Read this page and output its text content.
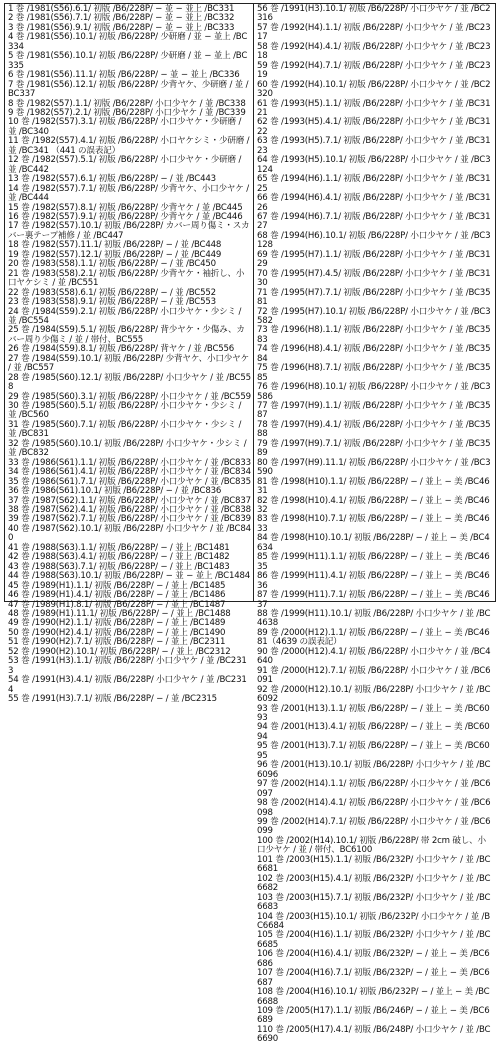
1 巻 /1981(S56).6.1/ 初版 /B6/228P/ − 並 − 並上 /BC331
2 巻 /1981(S56).7.1/ 初版 /B6/228P/ − 並 − 並上 /BC332
3 巻 /1981(S56).9.1/ 初版 /B6/228P/ − 並 − 並上 /BC333
4 巻 /1981(S56).10.1/ 初版 /B6/228P/ 少研磨 / 並 − 並上 /BC334
5 巻 /1981(S56).10.1/ 初版 /B6/228P/ 少研磨 / 並 − 並上 /BC335
6 巻 /1981(S56).11.1/ 初版 /B6/228P/ − 並 − 並上 /BC336
7 巻 /1981(S56).12.1/ 初版 /B6/228P/ 少背ヤケ、少研磨 / 並 /BC337
8 巻 /1982(S57).1.1/ 初版 /B6/228P/ 小口少ヤケ / 並 /BC338
9 巻 /1982(S57).2.1/ 初版 /B6/228P/ 小口少ヤケ / 並 /BC339
10 巻 /1982(S57).3.1/ 初版 /B6/228P/ 小口少ヤケ・少研磨 / 並 /BC340
11 巻 /1982(S57).4.1/ 初版 /B6/228P/ 小口ヤケシミ・少研磨 / 並 /BC341 （441 の誤表記）
12 巻 /1982(S57).5.1/ 初版 /B6/228P/ 小口少ヤケ・少研磨 / 並 /BC442
13 巻 /1982(S57).6.1/ 初版 /B6/228P/ − / 並 /BC443
14 巻 /1982(S57).7.1/ 初版 /B6/228P/ 少背ヤケ、小口少ヤケ / 並 /BC444
15 巻 /1982(S57).8.1/ 初版 /B6/228P/ 少背ヤケ / 並 /BC445
16 巻 /1982(S57).9.1/ 初版 /B6/228P/ 少背ヤケ / 並 /BC446
17 巻 /1982(S57).10.1/ 初版 /B6/228P/ カバー周り傷ミ・スカバー裏テープ補修 / 並 /BC447
18 巻 /1982(S57).11.1/ 初版 /B6/228P/ − / 並 /BC448
19 巻 /1982(S57).12.1/ 初版 /B6/228P/ − / 並 /BC449
20 巻 /1983(S58).1.1/ 初版 /B6/228P/ − / 並 /BC450
21 巻 /1983(S58).2.1/ 初版 /B6/228P/ 少背ヤケ・袖折し、小口ヤケシミ / 並 /BC551
22 巻 /1983(S58).6.1/ 初版 /B6/228P/ − / 並 /BC552
23 巻 /1983(S58).9.1/ 初版 /B6/228P/ − / 並 /BC553
24 巻 /1984(S59).2.1/ 初版 /B6/228P/ 小口少ヤケ・少シミ / 並 /BC554
25 巻 /1984(S59).5.1/ 初版 /B6/228P/ 背少ヤケ・少傷み、カバー周り少傷ミ / 並 / 帯付、BC555
26 巻 /1984(S59).8.1/ 初版 /B6/228P/ 背ヤケ / 並 /BC556
27 巻 /1984(S59).10.1/ 初版 /B6/228P/ 少背ヤケ、小口少ヤケ / 並 /BC557
28 巻 /1985(S60).12.1/ 初版 /B6/228P/ 小口少ヤケ / 並 /BC558
29 巻 /1985(S60).3.1/ 初版 /B6/228P/ 小口少ヤケ / 並 /BC559
30 巻 /1985(S60).5.1/ 初版 /B6/228P/ 小口少ヤケ・少シミ / 並 /BC560
31 巻 /1985(S60).7.1/ 初版 /B6/228P/ 小口少ヤケ・少シミ / 並 /BC831
32 巻 /1985(S60).10.1/ 初版 /B6/228P/ 小口少ヤケ・少シミ / 並 /BC832
33 巻 /1986(S61).1.1/ 初版 /B6/228P/ 小口少ヤケ / 並 /BC833
34 巻 /1986(S61).4.1/ 初版 /B6/228P/ 小口少ヤケ / 並 /BC834
35 巻 /1986(S61).7.1/ 初版 /B6/228P/ 小口少ヤケ / 並 /BC835
36 巻 /1986(S61).10.1/ 初版 /B6/228P/ − / 並 /BC836
37 巻 /1987(S62).1.1/ 初版 /B6/228P/ 小口少ヤケ / 並 /BC837
38 巻 /1987(S62).4.1/ 初版 /B6/228P/ 小口少ヤケ / 並 /BC838
39 巻 /1987(S62).7.1/ 初版 /B6/228P/ 小口少ヤケ / 並 /BC839
40 巻 /1987(S62).10.1/ 初版 /B6/228P/ 小口少ヤケ / 並 /BC840
41 巻 /1988(S63).1.1/ 初版 /B6/228P/ − / 並上 /BC1481
42 巻 /1988(S63).4.1/ 初版 /B6/228P/ − / 並上 /BC1482
43 巻 /1988(S63).7.1/ 初版 /B6/228P/ − / 並上 /BC1483
44 巻 /1988(S63).10.1/ 初版 /B6/228P/ − 並 − 並上 /BC1484
45 巻 /1989(H1).1.1/ 初版 /B6/228P/ − / 並上 /BC1485
46 巻 /1989(H1).4.1/ 初版 /B6/228P/ − / 並上 /BC1486
47 巻 /1989(H1).8.1/ 初版 /B6/228P/ − / 並上 /BC1487
48 巻 /1989(H1).11.1/ 初版 /B6/228P/ − / 並上 /BC1488
49 巻 /1990(H2).1.1/ 初版 /B6/228P/ − / 並上 /BC1489
50 巻 /1990(H2).4.1/ 初版 /B6/228P/ − / 並上 /BC1490
51 巻 /1990(H2).7.1/ 初版 /B6/228P/ − / 並上 /BC2311
52 巻 /1990(H2).10.1/ 初版 /B6/228P/ − / 並上 /BC2312
53 巻 /1991(H3).1.1/ 初版 /B6/228P/ 小口少ヤケ / 並 /BC2313
54 巻 /1991(H3).4.1/ 初版 /B6/228P/ 小口少ヤケ / 並 /BC2314
55 巻 /1991(H3).7.1/ 初版 /B6/228P/ − / 並 /BC2315
56 巻 /1991(H3).10.1/ 初版 /B6/228P/ 小口少ヤケ / 並 /BC2316
57 巻 /1992(H4).1.1/ 初版 /B6/228P/ 小口少ヤケ / 並 /BC2317
58 巻 /1992(H4).4.1/ 初版 /B6/228P/ 小口少ヤケ / 並 /BC2318
59 巻 /1992(H4).7.1/ 初版 /B6/228P/ 小口少ヤケ / 並 /BC2319
60 巻 /1992(H4).10.1/ 初版 /B6/228P/ 小口少ヤケ / 並 /BC2320
61 巻 /1993(H5).1.1/ 初版 /B6/228P/ 小口少ヤケ / 並 /BC3121
62 巻 /1993(H5).4.1/ 初版 /B6/228P/ 小口少ヤケ / 並 /BC3122
63 巻 /1993(H5).7.1/ 初版 /B6/228P/ 小口少ヤケ / 並 /BC3123
64 巻 /1993(H5).10.1/ 初版 /B6/228P/ 小口少ヤケ / 並 /BC3124
65 巻 /1994(H6).1.1/ 初版 /B6/228P/ 小口少ヤケ / 並 /BC3125
66 巻 /1994(H6).4.1/ 初版 /B6/228P/ 小口少ヤケ / 並 /BC3126
67 巻 /1994(H6).7.1/ 初版 /B6/228P/ 小口少ヤケ / 並 /BC3127
68 巻 /1994(H6).10.1/ 初版 /B6/228P/ 小口少ヤケ / 並 /BC3128
69 巻 /1995(H7).1.1/ 初版 /B6/228P/ 小口少ヤケ / 並 /BC3129
70 巻 /1995(H7).4.5/ 初版 /B6/228P/ 小口少ヤケ / 並 /BC3130
71 巻 /1995(H7).7.1/ 初版 /B6/228P/ 小口少ヤケ / 並 /BC3581
72 巻 /1995(H7).10.1/ 初版 /B6/228P/ 小口少ヤケ / 並 /BC3582
73 巻 /1996(H8).1.1/ 初版 /B6/228P/ 小口少ヤケ / 並 /BC3583
74 巻 /1996(H8).4.1/ 初版 /B6/228P/ 小口少ヤケ / 並 /BC3584
75 巻 /1996(H8).7.1/ 初版 /B6/228P/ 小口少ヤケ / 並 /BC3585
76 巻 /1996(H8).10.1/ 初版 /B6/228P/ 小口少ヤケ / 並 /BC3586
77 巻 /1997(H9).1.1/ 初版 /B6/228P/ 小口少ヤケ / 並 /BC3587
78 巻 /1997(H9).4.1/ 初版 /B6/228P/ 小口少ヤケ / 並 /BC3588
79 巻 /1997(H9).7.1/ 初版 /B6/228P/ 小口少ヤケ / 並 /BC3589
80 巻 /1997(H9).11.1/ 初版 /B6/228P/ 小口少ヤケ / 並 /BC3590
81 巻 /1998(H10).1.1/ 初版 /B6/228P/ − / 並上 − 美 /BC4631
82 巻 /1998(H10).4.1/ 初版 /B6/228P/ − / 並上 − 美 /BC4632
83 巻 /1998(H10).7.1/ 初版 /B6/228P/ − / 並上 − 美 /BC4633
84 巻 /1998(H10).10.1/ 初版 /B6/228P/ − / 並上 − 美 /BC4634
85 巻 /1999(H11).1.1/ 初版 /B6/228P/ − / 並上 − 美 /BC4635
86 巻 /1999(H11).4.1/ 初版 /B6/228P/ − / 並上 − 美 /BC4636
87 巻 /1999(H11).7.1/ 初版 /B6/228P/ − / 並上 − 美 /BC4637
88 巻 /1999(H11).10.1/ 初版 /B6/228P/ 小口少ヤケ / 並 /BC4638
89 巻 /2000(H12).1.1/ 初版 /B6/228P/ − / 並上 − 美 /BC4681（4639 の誤表記）
90 巻 /2000(H12).4.1/ 初版 /B6/228P/ 小口少ヤケ / 並 /BC4640
91 巻 /2000(H12).7.1/ 初版 /B6/228P/ 小口少ヤケ / 並 /BC6091
92 巻 /2000(H12).10.1/ 初版 /B6/228P/ 小口少ヤケ / 並 /BC6092
93 巻 /2001(H13).1.1/ 初版 /B6/228P/ − / 並上 − 美 /BC6093
94 巻 /2001(H13).4.1/ 初版 /B6/228P/ − / 並上 − 美 /BC6094
95 巻 /2001(H13).7.1/ 初版 /B6/228P/ − / 並上 − 美 /BC6095
96 巻 /2001(H13).10.1/ 初版 /B6/228P/ 小口少ヤケ / 並 /BC6096
97 巻 /2002(H14).1.1/ 初版 /B6/228P/ 小口少ヤケ / 並 /BC6097
98 巻 /2002(H14).4.1/ 初版 /B6/228P/ 小口少ヤケ / 並 /BC6098
99 巻 /2002(H14).7.1/ 初版 /B6/228P/ 小口少ヤケ / 並 /BC6099
100 巻 /2002(H14).10.1/ 初版 /B6/228P/ 帯 2cm 破し、小口少ヤケ / 並 / 帯付、BC6100
101 巻 /2003(H15).1.1/ 初版 /B6/232P/ 小口少ヤケ / 並 /BC6681
102 巻 /2003(H15).4.1/ 初版 /B6/232P/ 小口少ヤケ / 並 /BC6682
103 巻 /2003(H15).7.1/ 初版 /B6/232P/ 小口少ヤケ / 並 /BC6683
104 巻 /2003(H15).10.1/ 初版 /B6/232P/ 小口少ヤケ / 並 /BC6684
105 巻 /2004(H16).1.1/ 初版 /B6/232P/ 小口少ヤケ / 並 /BC6685
106 巻 /2004(H16).4.1/ 初版 /B6/232P/ − / 並上 − 美 /BC6686
107 巻 /2004(H16).7.1/ 初版 /B6/232P/ − / 並上 − 美 /BC6687
108 巻 /2004(H16).10.1/ 初版 /B6/232P/ − / 並上 − 美 /BC6688
109 巻 /2005(H17).1.1/ 初版 /B6/246P/ − / 並上 − 美 /BC6689
110 巻 /2005(H17).4.1/ 初版 /B6/248P/ 小口少ヤケ / 並 /BC6690
